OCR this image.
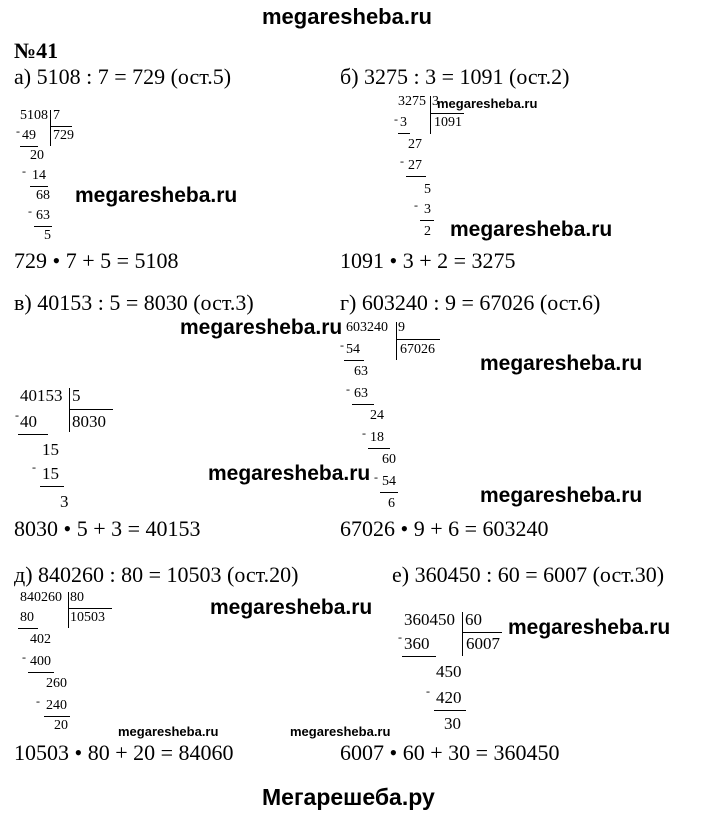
megaresheba.ru
№41
а) 5108 : 7 = 729 (ост.5)
5108 7
729
- 49
20
- 14
68
- 63
5
729 • 7 + 5 = 5108
б) 3275 : 3 = 1091 (ост.2)
3275 3
1091
- 3
27
- 27
5
- 3
2
megaresheba.ru
1091 • 3 + 2 = 3275
megaresheba.ru
megaresheba.ru
в) 40153 : 5 = 8030 (ост.3)
40153 5
8030
- 40
15
- 15
3
8030 • 5 + 3 = 40153
г) 603240 : 9 = 67026 (ост.6)
603240 9
67026
- 54
63
- 63
24
- 18
60
- 54
6
67026 • 9 + 6 = 603240
megaresheba.ru
megaresheba.ru
megaresheba.ru
megaresheba.ru
д) 840260 : 80 = 10503 (ост.20)
840260 80
10503
80
402
- 400
260
- 240
20
10503 • 80 + 20 = 84060
е) 360450 : 60 = 6007 (ост.30)
360450 60
6007
- 360
450
- 420
30
6007 • 60 + 30 = 360450
megaresheba.ru
megaresheba.ru
megaresheba.ru	megaresheba.ru
Мегарешеба.ру
